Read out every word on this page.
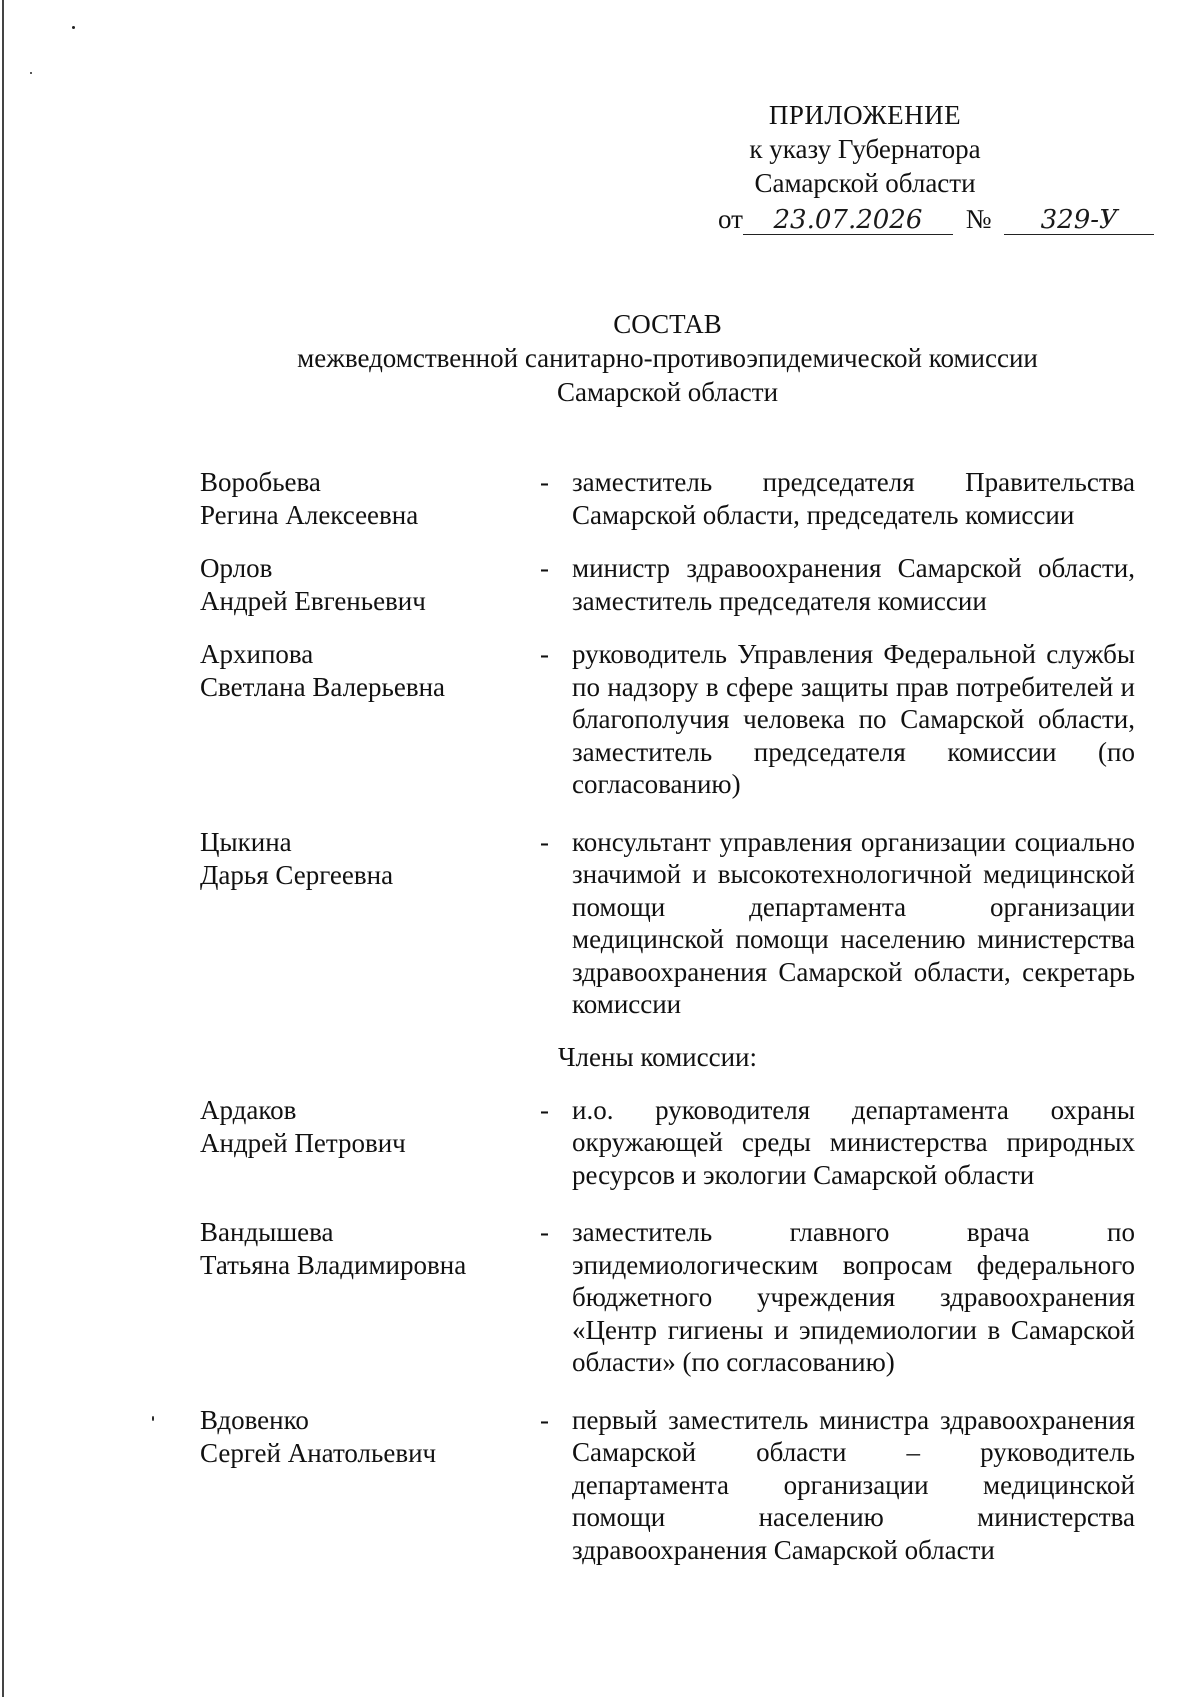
ПРИЛОЖЕНИЕ
к указу Губернатора
Самарской области
от 23.07.2026 № 329-У
СОСТАВ
межведомственной санитарно-противоэпидемической комиссии
Самарской области
Воробьева
Регина Алексеевна
- заместитель председателя Правительства Самарской области, председатель комиссии
Орлов
Андрей Евгеньевич
- министр здравоохранения Самарской области, заместитель председателя комиссии
Архипова
Светлана Валерьевна
- руководитель Управления Федеральной службы по надзору в сфере защиты прав потребителей и благополучия человека по Самарской области, заместитель председателя комиссии (по согласованию)
Цыкина
Дарья Сергеевна
- консультант управления организации социально значимой и высокотехнологичной медицинской помощи департамента организации медицинской помощи населению министерства здравоохранения Самарской области, секретарь комиссии
Члены комиссии:
Ардаков
Андрей Петрович
- и.о. руководителя департамента охраны окружающей среды министерства природных ресурсов и экологии Самарской области
Вандышева
Татьяна Владимировна
- заместитель главного врача по эпидемиологическим вопросам федерального бюджетного учреждения здравоохранения «Центр гигиены и эпидемиологии в Самарской области» (по согласованию)
Вдовенко
Сергей Анатольевич
- первый заместитель министра здравоохранения Самарской области – руководитель департамента организации медицинской помощи населению министерства здравоохранения Самарской области
